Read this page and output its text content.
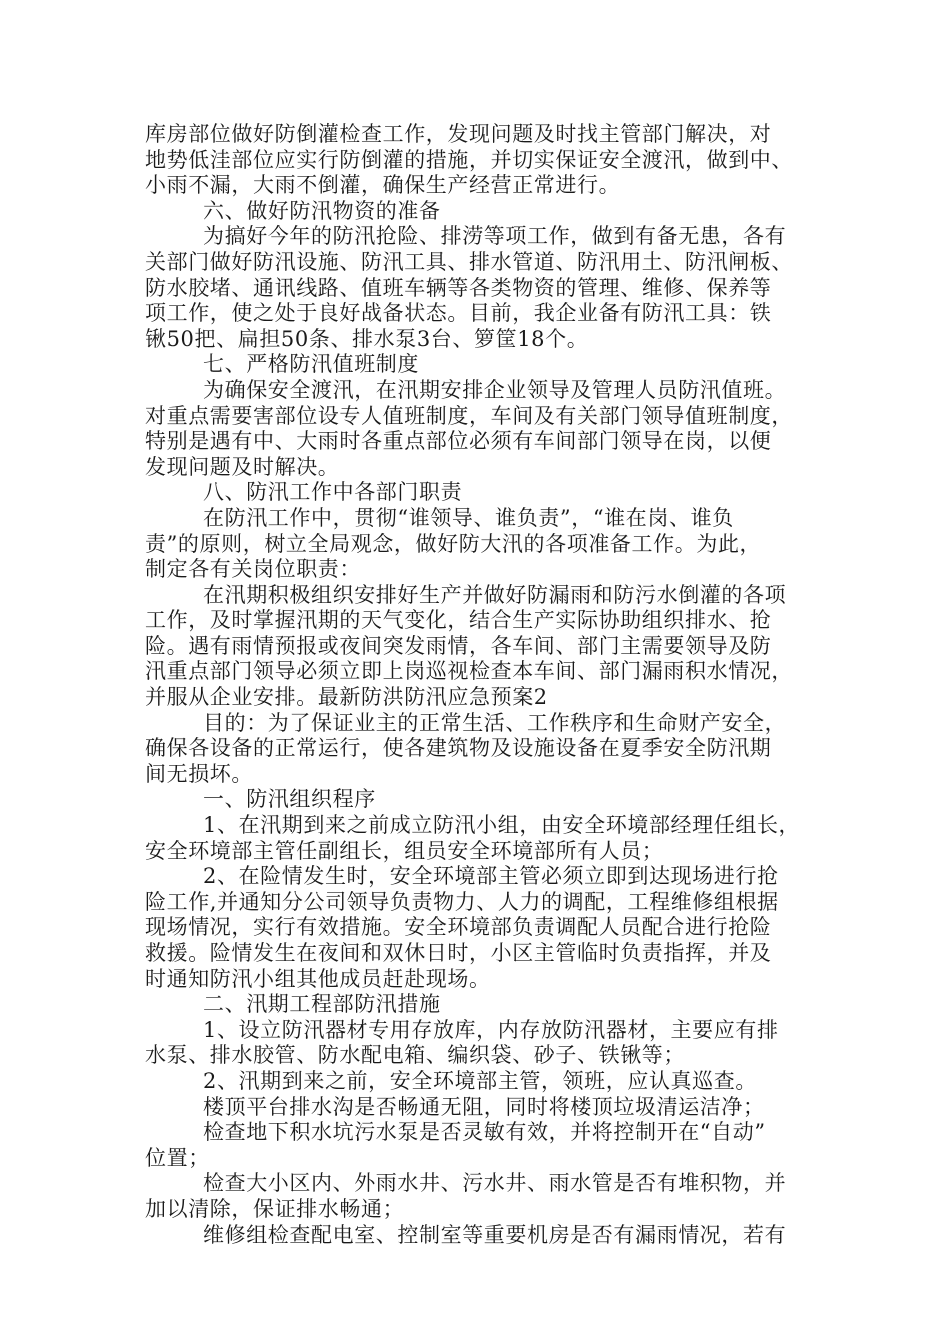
库房部位做好防倒灌检查工作，发现问题及时找主管部门解决，对
地势低洼部位应实行防倒灌的措施，并切实保证安全渡汛，做到中、
小雨不漏，大雨不倒灌，确保生产经营正常进行。
六、做好防汛物资的准备
为搞好今年的防汛抢险、排涝等项工作，做到有备无患，各有
关部门做好防汛设施、防汛工具、排水管道、防汛用土、防汛闸板、
防水胶堵、通讯线路、值班车辆等各类物资的管理、维修、保养等
项工作，使之处于良好战备状态。目前，我企业备有防汛工具：铁
锹50把、扁担50条、排水泵3台、箩筐18个。
七、严格防汛值班制度
为确保安全渡汛，在汛期安排企业领导及管理人员防汛值班。
对重点需要害部位设专人值班制度，车间及有关部门领导值班制度，
特别是遇有中、大雨时各重点部位必须有车间部门领导在岗，以便
发现问题及时解决。
八、防汛工作中各部门职责
在防汛工作中，贯彻“谁领导、谁负责”，“谁在岗、谁负
责”的原则，树立全局观念，做好防大汛的各项准备工作。为此，
制定各有关岗位职责：
在汛期积极组织安排好生产并做好防漏雨和防污水倒灌的各项
工作，及时掌握汛期的天气变化，结合生产实际协助组织排水、抢
险。遇有雨情预报或夜间突发雨情，各车间、部门主需要领导及防
汛重点部门领导必须立即上岗巡视检查本车间、部门漏雨积水情况，
并服从企业安排。最新防洪防汛应急预案2
目的：为了保证业主的正常生活、工作秩序和生命财产安全，
确保各设备的正常运行，使各建筑物及设施设备在夏季安全防汛期
间无损坏。
一、防汛组织程序
1、在汛期到来之前成立防汛小组，由安全环境部经理任组长，
安全环境部主管任副组长，组员安全环境部所有人员；
2、在险情发生时，安全环境部主管必须立即到达现场进行抢
险工作,并通知分公司领导负责物力、人力的调配，工程维修组根据
现场情况，实行有效措施。安全环境部负责调配人员配合进行抢险
救援。险情发生在夜间和双休日时，小区主管临时负责指挥，并及
时通知防汛小组其他成员赶赴现场。
二、汛期工程部防汛措施
1、设立防汛器材专用存放库，内存放防汛器材，主要应有排
水泵、排水胶管、防水配电箱、编织袋、砂子、铁锹等；
2、汛期到来之前，安全环境部主管，领班，应认真巡查。
楼顶平台排水沟是否畅通无阻，同时将楼顶垃圾清运洁净；
检查地下积水坑污水泵是否灵敏有效，并将控制开在“自动”
位置；
检查大小区内、外雨水井、污水井、雨水管是否有堆积物，并
加以清除，保证排水畅通；
维修组检查配电室、控制室等重要机房是否有漏雨情况，若有
